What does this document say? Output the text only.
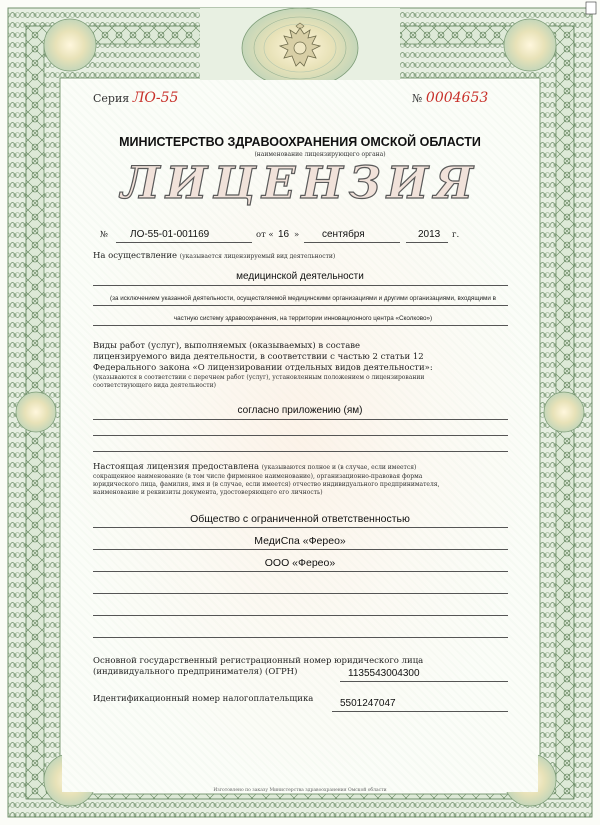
Серия ЛО-55	№ 0004653
МИНИСТЕРСТВО ЗДРАВООХРАНЕНИЯ ОМСКОЙ ОБЛАСТИ
(наименование лицензирующего органа)
ЛИЦЕНЗИЯ
№ ЛО-55-01-001169	от « 16 » сентября	2013 г.
На осуществление (указывается лицензируемый вид деятельности)
медицинской деятельности
(за исключением указанной деятельности, осуществляемой медицинскими организациями и другими организациями, входящими в
частную систему здравоохранения, на территории инновационного центра «Сколково»)
Виды работ (услуг), выполняемых (оказываемых) в составе
лицензируемого вида деятельности, в соответствии с частью 2 статьи 12
Федерального закона «О лицензировании отдельных видов деятельности»:
(указываются в соответствии с перечнем работ (услуг), установленным положением о лицензировании
соответствующего вида деятельности)
согласно приложению (ям)
Настоящая лицензия предоставлена (указываются полное и (в случае, если имеется)
сокращенное наименование (в том числе фирменное наименование), организационно-правовая форма
юридического лица, фамилия, имя и (в случае, если имеется) отчество индивидуального предпринимателя,
наименование и реквизиты документа, удостоверяющего его личность)
Общество с ограниченной ответственностью
МедиСпа «Ферео»
ООО «Ферео»
Основной государственный регистрационный номер юридического лица
(индивидуального предпринимателя) (ОГРН)	1135543004300
Идентификационный номер налогоплательщика	5501247047
Изготовлено по заказу Министерства здравоохранения Омской области
